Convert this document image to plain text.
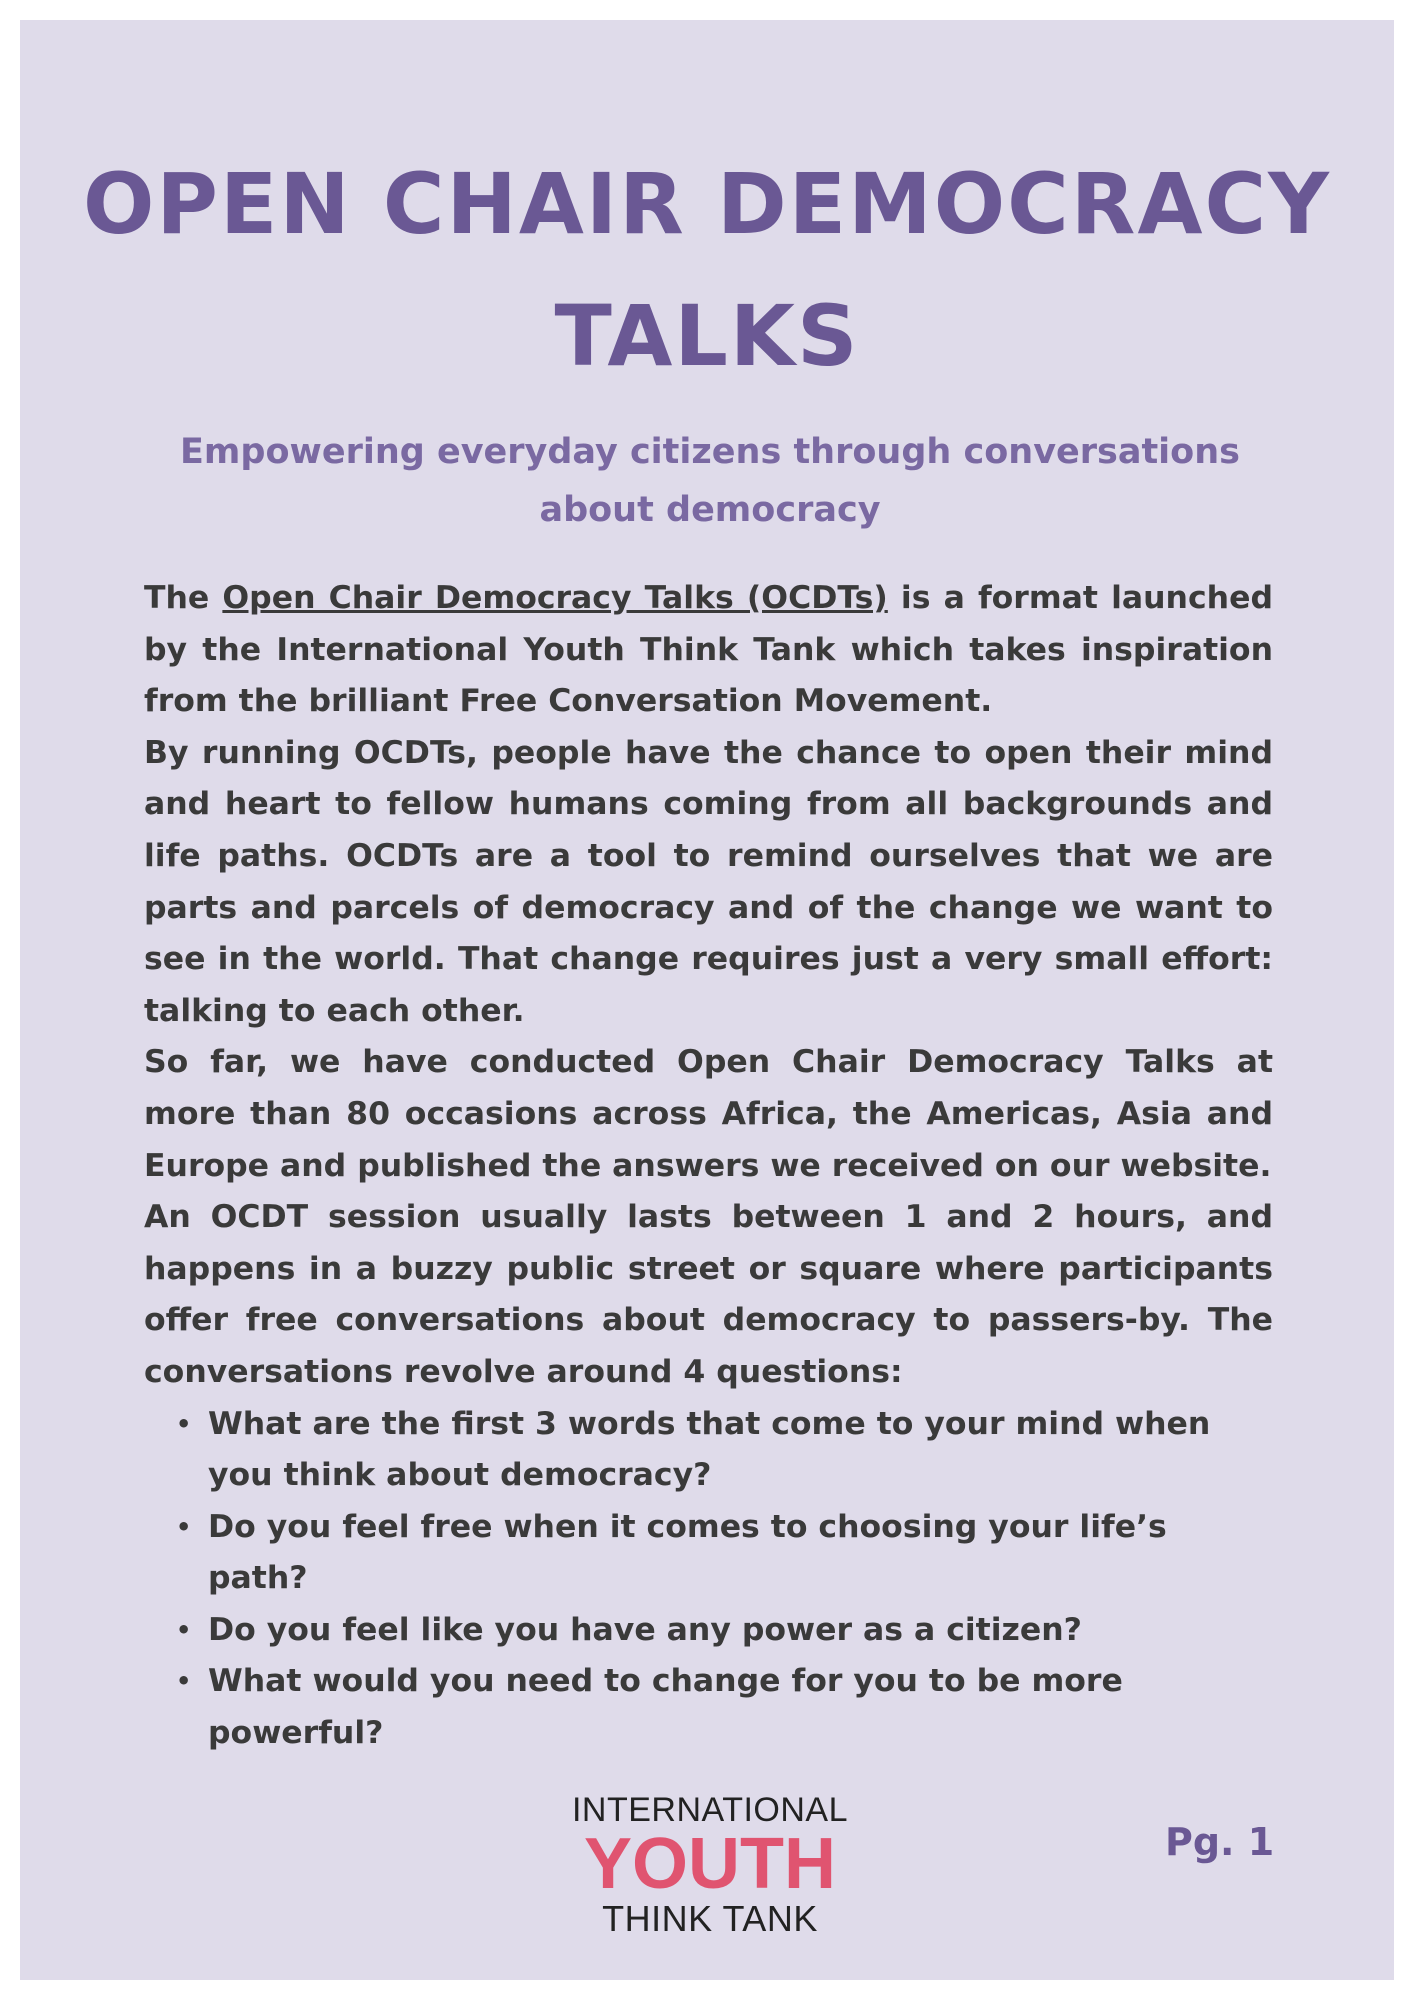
OPEN CHAIR DEMOCRACY
TALKS
Empowering everyday citizens through conversations about democracy

The Open Chair Democracy Talks (OCDTs) is a format launched by the International Youth Think Tank which takes inspiration from the brilliant Free Conversation Movement.

By running OCDTs, people have the chance to open their mind and heart to fellow humans coming from all backgrounds and life paths. OCDTs are a tool to remind ourselves that we are parts and parcels of democracy and of the change we want to see in the world. That change requires just a very small effort: talking to each other.

So far, we have conducted Open Chair Democracy Talks at more than 80 occasions across Africa, the Americas, Asia and Europe and published the answers we received on our website.

An OCDT session usually lasts between 1 and 2 hours, and happens in a buzzy public street or square where participants offer free conversations about democracy to passers-by. The conversations revolve around 4 questions:

• What are the first 3 words that come to your mind when you think about democracy?
• Do you feel free when it comes to choosing your life’s path?
• Do you feel like you have any power as a citizen?
• What would you need to change for you to be more powerful?
INTERNATIONAL
YOUTH
THINK TANK
Pg. 1
